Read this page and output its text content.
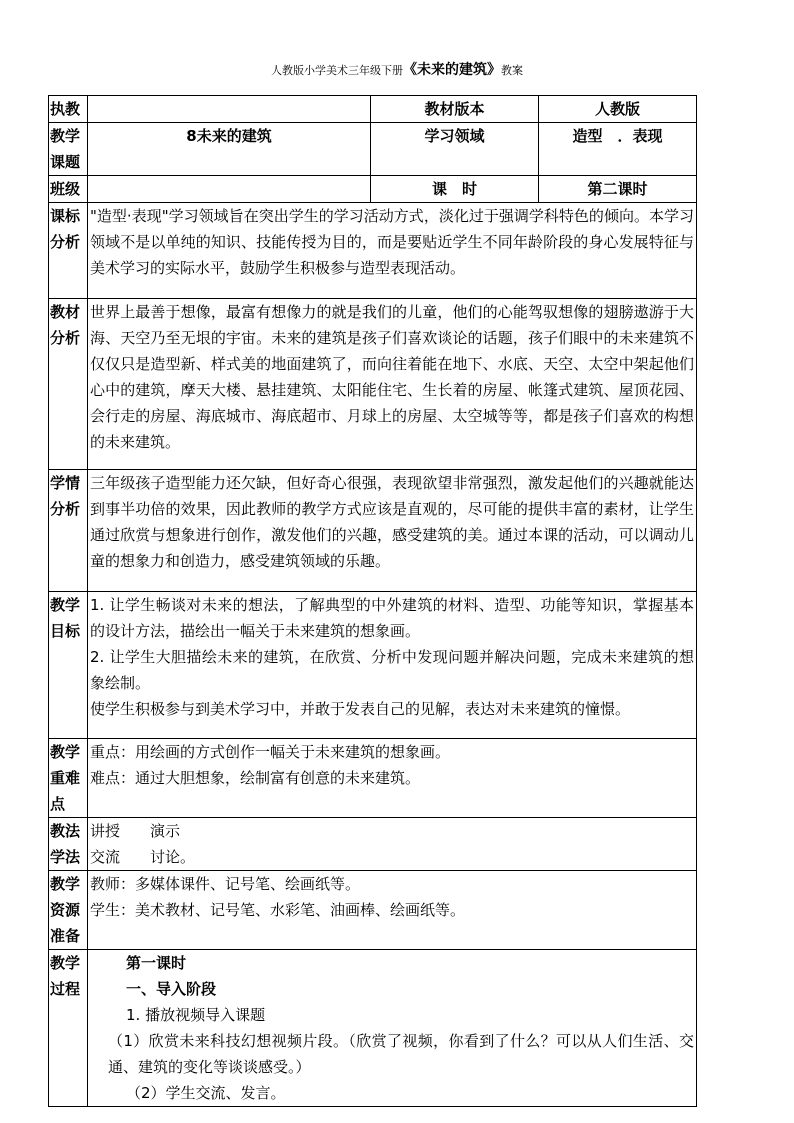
人教版小学美术三年级下册《未来的建筑》教案
执教		教材版本	人教版
教学课题	8未来的建筑	学习领域	造型　．表现
班级		课　时	第二课时
课标分析	"造型·表现"学习领域旨在突出学生的学习活动方式，淡化过于强调学科特色的倾向。本学习领域不是以单纯的知识、技能传授为目的，而是要贴近学生不同年龄阶段的身心发展特征与美术学习的实际水平，鼓励学生积极参与造型表现活动。		
教材分析	世界上最善于想像，最富有想像力的就是我们的儿童，他们的心能驾驭想像的翅膀遨游于大海、天空乃至无垠的宇宙。未来的建筑是孩子们喜欢谈论的话题，孩子们眼中的未来建筑不仅仅只是造型新、样式美的地面建筑了，而向往着能在地下、水底、天空、太空中架起他们心中的建筑，摩天大楼、悬挂建筑、太阳能住宅、生长着的房屋、帐篷式建筑、屋顶花园、会行走的房屋、海底城市、海底超市、月球上的房屋、太空城等等，都是孩子们喜欢的构想的未来建筑。		
学情分析	三年级孩子造型能力还欠缺，但好奇心很强，表现欲望非常强烈，激发起他们的兴趣就能达到事半功倍的效果，因此教师的教学方式应该是直观的，尽可能的提供丰富的素材，让学生通过欣赏与想象进行创作，激发他们的兴趣，感受建筑的美。通过本课的活动，可以调动儿童的想象力和创造力，感受建筑领域的乐趣。		
教学目标	1. 让学生畅谈对未来的想法，了解典型的中外建筑的材料、造型、功能等知识，掌握基本的设计方法，描绘出一幅关于未来建筑的想象画。
2. 让学生大胆描绘未来的建筑，在欣赏、分析中发现问题并解决问题，完成未来建筑的想象绘制。
使学生积极参与到美术学习中，并敢于发表自己的见解，表达对未来建筑的憧憬。		

教学重难点	重点：用绘画的方式创作一幅关于未来建筑的想象画。
难点：通过大胆想象，绘制富有创意的未来建筑。		

教法学法	讲授　　演示
交流　　讨论。		

教学资源准备	教师：多媒体课件、记号笔、绘画纸等。
学生：美术教材、记号笔、水彩笔、油画棒、绘画纸等。		

教学过程	第一课时
一、导入阶段
1. 播放视频导入课题
（1）欣赏未来科技幻想视频片段。（欣赏了视频，你看到了什么？可以从人们生活、交通、建筑的变化等谈谈感受。）
（2）学生交流、发言。		
